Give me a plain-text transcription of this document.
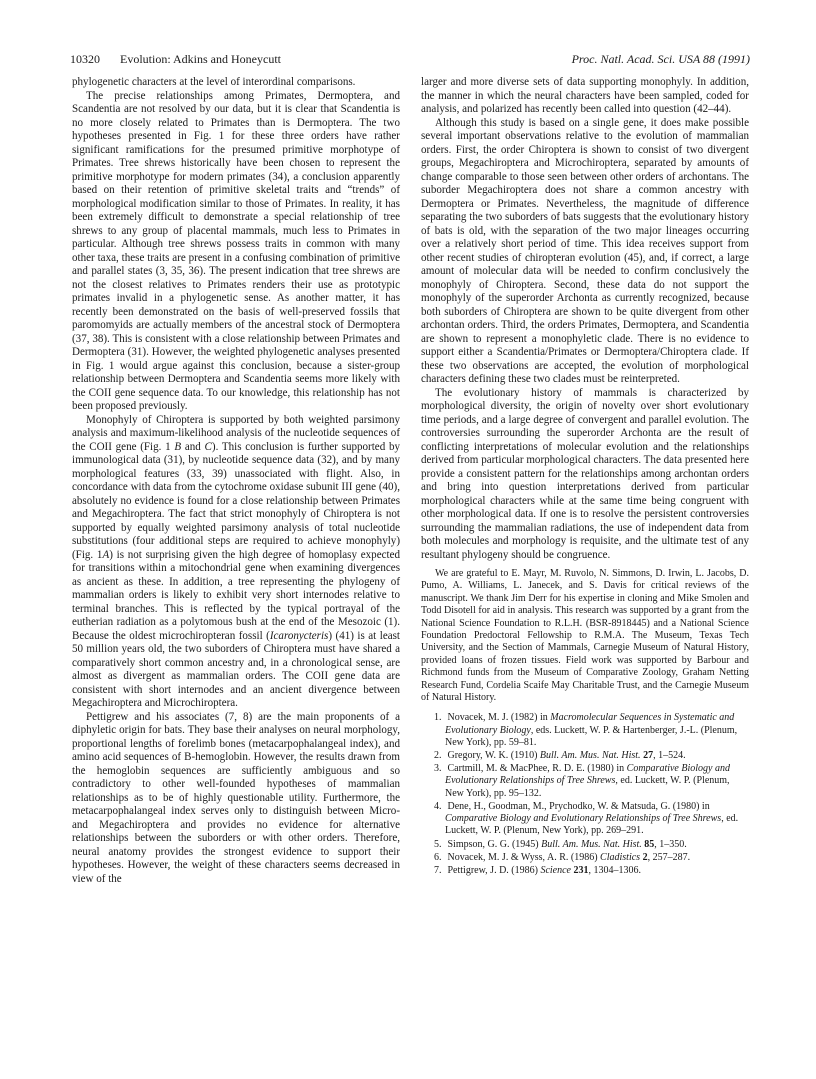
10320 Evolution: Adkins and Honeycutt	Proc. Natl. Acad. Sci. USA 88 (1991)

phylogenetic characters at the level of interordinal comparisons.

The precise relationships among Primates, Dermoptera, and Scandentia are not resolved by our data, but it is clear that Scandentia is no more closely related to Primates than is Dermoptera. The two hypotheses presented in Fig. 1 for these three orders have rather significant ramifications for the presumed primitive morphotype of Primates. Tree shrews historically have been chosen to represent the primitive morphotype for modern primates (34), a conclusion apparently based on their retention of primitive skeletal traits and “trends” of morphological modification similar to those of Primates. In reality, it has been extremely difficult to demonstrate a special relationship of tree shrews to any group of placental mammals, much less to Primates in particular. Although tree shrews possess traits in common with many other taxa, these traits are present in a confusing combination of primitive and parallel states (3, 35, 36). The present indication that tree shrews are not the closest relatives to Primates renders their use as prototypic primates invalid in a phylogenetic sense. As another matter, it has recently been demonstrated on the basis of well-preserved fossils that paromomyids are actually members of the ancestral stock of Dermoptera (37, 38). This is consistent with a close relationship between Primates and Dermoptera (31). However, the weighted phylogenetic analyses presented in Fig. 1 would argue against this conclusion, because a sister-group relationship between Dermoptera and Scandentia seems more likely with the COII gene sequence data. To our knowledge, this relationship has not been proposed previously.

Monophyly of Chiroptera is supported by both weighted parsimony analysis and maximum-likelihood analysis of the nucleotide sequences of the COII gene (Fig. 1 B and C). This conclusion is further supported by immunological data (31), by nucleotide sequence data (32), and by many morphological features (33, 39) unassociated with flight. Also, in concordance with data from the cytochrome oxidase subunit III gene (40), absolutely no evidence is found for a close relationship between Primates and Megachiroptera. The fact that strict monophyly of Chiroptera is not supported by equally weighted parsimony analysis of total nucleotide substitutions (four additional steps are required to achieve monophyly) (Fig. 1A) is not surprising given the high degree of homoplasy expected for transitions within a mitochondrial gene when examining divergences as ancient as these. In addition, a tree representing the phylogeny of mammalian orders is likely to exhibit very short internodes relative to terminal branches. This is reflected by the typical portrayal of the eutherian radiation as a polytomous bush at the end of the Mesozoic (1). Because the oldest microchiropteran fossil (Icaronycteris) (41) is at least 50 million years old, the two suborders of Chiroptera must have shared a comparatively short common ancestry and, in a chronological sense, are almost as divergent as mammalian orders. The COII gene data are consistent with short internodes and an ancient divergence between Megachiroptera and Microchiroptera.

Pettigrew and his associates (7, 8) are the main proponents of a diphyletic origin for bats. They base their analyses on neural morphology, proportional lengths of forelimb bones (metacarpophalangeal index), and amino acid sequences of B-hemoglobin. However, the results drawn from the hemoglobin sequences are sufficiently ambiguous and so contradictory to other well-founded hypotheses of mammalian relationships as to be of highly questionable utility. Furthermore, the metacarpophalangeal index serves only to distinguish between Micro- and Megachiroptera and provides no evidence for alternative relationships between the suborders or with other orders. Therefore, neural anatomy provides the strongest evidence to support their hypotheses. However, the weight of these characters seems decreased in view of the

larger and more diverse sets of data supporting monophyly. In addition, the manner in which the neural characters have been sampled, coded for analysis, and polarized has recently been called into question (42–44).

Although this study is based on a single gene, it does make possible several important observations relative to the evolution of mammalian orders. First, the order Chiroptera is shown to consist of two divergent groups, Megachiroptera and Microchiroptera, separated by amounts of change comparable to those seen between other orders of archontans. The suborder Megachiroptera does not share a common ancestry with Dermoptera or Primates. Nevertheless, the magnitude of difference separating the two suborders of bats suggests that the evolutionary history of bats is old, with the separation of the two major lineages occurring over a relatively short period of time. This idea receives support from other recent studies of chiropteran evolution (45), and, if correct, a large amount of molecular data will be needed to confirm conclusively the monophyly of Chiroptera. Second, these data do not support the monophyly of the superorder Archonta as currently recognized, because both suborders of Chiroptera are shown to be quite divergent from other archontan orders. Third, the orders Primates, Dermoptera, and Scandentia are shown to represent a monophyletic clade. There is no evidence to support either a Scandentia/Primates or Dermoptera/Chiroptera clade. If these two observations are accepted, the evolution of morphological characters defining these two clades must be reinterpreted.

The evolutionary history of mammals is characterized by morphological diversity, the origin of novelty over short evolutionary time periods, and a large degree of convergent and parallel evolution. The controversies surrounding the superorder Archonta are the result of conflicting interpretations of molecular evolution and the relationships derived from particular morphological characters. The data presented here provide a consistent pattern for the relationships among archontan orders and bring into question interpretations derived from particular morphological characters while at the same time being congruent with other morphological data. If one is to resolve the persistent controversies surrounding the mammalian radiations, the use of independent data from both molecules and morphology is requisite, and the ultimate test of any resultant phylogeny should be congruence.

We are grateful to E. Mayr, M. Ruvolo, N. Simmons, D. Irwin, L. Jacobs, D. Pumo, A. Williams, L. Janecek, and S. Davis for critical reviews of the manuscript. We thank Jim Derr for his expertise in cloning and Mike Smolen and Todd Disotell for aid in analysis. This research was supported by a grant from the National Science Foundation to R.L.H. (BSR-8918445) and a National Science Foundation Predoctoral Fellowship to R.M.A. The Museum, Texas Tech University, and the Section of Mammals, Carnegie Museum of Natural History, provided loans of frozen tissues. Field work was supported by Barbour and Richmond funds from the Museum of Comparative Zoology, Graham Netting Research Fund, Cordelia Scaife May Charitable Trust, and the Carnegie Museum of Natural History.

1. Novacek, M. J. (1982) in Macromolecular Sequences in Systematic and Evolutionary Biology, eds. Luckett, W. P. & Hartenberger, J.-L. (Plenum, New York), pp. 59–81.
2. Gregory, W. K. (1910) Bull. Am. Mus. Nat. Hist. 27, 1–524.
3. Cartmill, M. & MacPhee, R. D. E. (1980) in Comparative Biology and Evolutionary Relationships of Tree Shrews, ed. Luckett, W. P. (Plenum, New York), pp. 95–132.
4. Dene, H., Goodman, M., Prychodko, W. & Matsuda, G. (1980) in Comparative Biology and Evolutionary Relationships of Tree Shrews, ed. Luckett, W. P. (Plenum, New York), pp. 269–291.
5. Simpson, G. G. (1945) Bull. Am. Mus. Nat. Hist. 85, 1–350.
6. Novacek, M. J. & Wyss, A. R. (1986) Cladistics 2, 257–287.
7. Pettigrew, J. D. (1986) Science 231, 1304–1306.
